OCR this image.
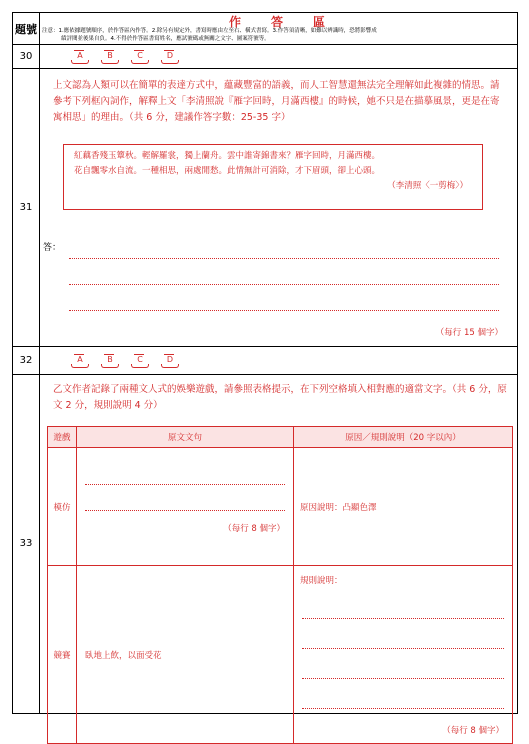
題號	作　　答　　區
注意：1.應依據題號順序，於作答區內作答。2.除另有規定外，書寫時應由左至右、橫式書寫。3.作答須清晰，如難以辨識時，恐將影響成
績評閱並後果自負。4.不得於作答區書寫姓名，應試號碼或無關之文字、圖案符號等。
30	A	B	C	D
31
上文認為人類可以在簡單的表達方式中，蘊藏豐富的語義，而人工智慧還無法完全理解如此複雜的情思。請參考下列框內詞作，解釋上文「李清照說『雁字回時，月滿西樓』的時候，她不只是在描摹風景，更是在寄寓相思」的理由。（共 6 分，建議作答字數：25-35 字）
紅藕香殘玉簟秋。輕解羅裳，獨上蘭舟。雲中誰寄錦書來？雁字回時，月滿西樓。
花自飄零水自流。一種相思，兩處閒愁。此情無計可消除，才下眉頭，卻上心頭。
（李清照〈一剪梅〉）
答：
（每行 15 個字）
32	A	B	C	D
33
乙文作者記錄了兩種文人式的娛樂遊戲，請參照表格提示，在下列空格填入相對應的適當文字。（共 6 分，原文 2 分，規則說明 4 分）
遊戲	原文文句	原因／規則說明（20 字以內）
模仿	（每行 8 個字）	原因說明：凸顯色澤
競賽	臥地上飲，以面受花	規則說明：
（每行 8 個字）
